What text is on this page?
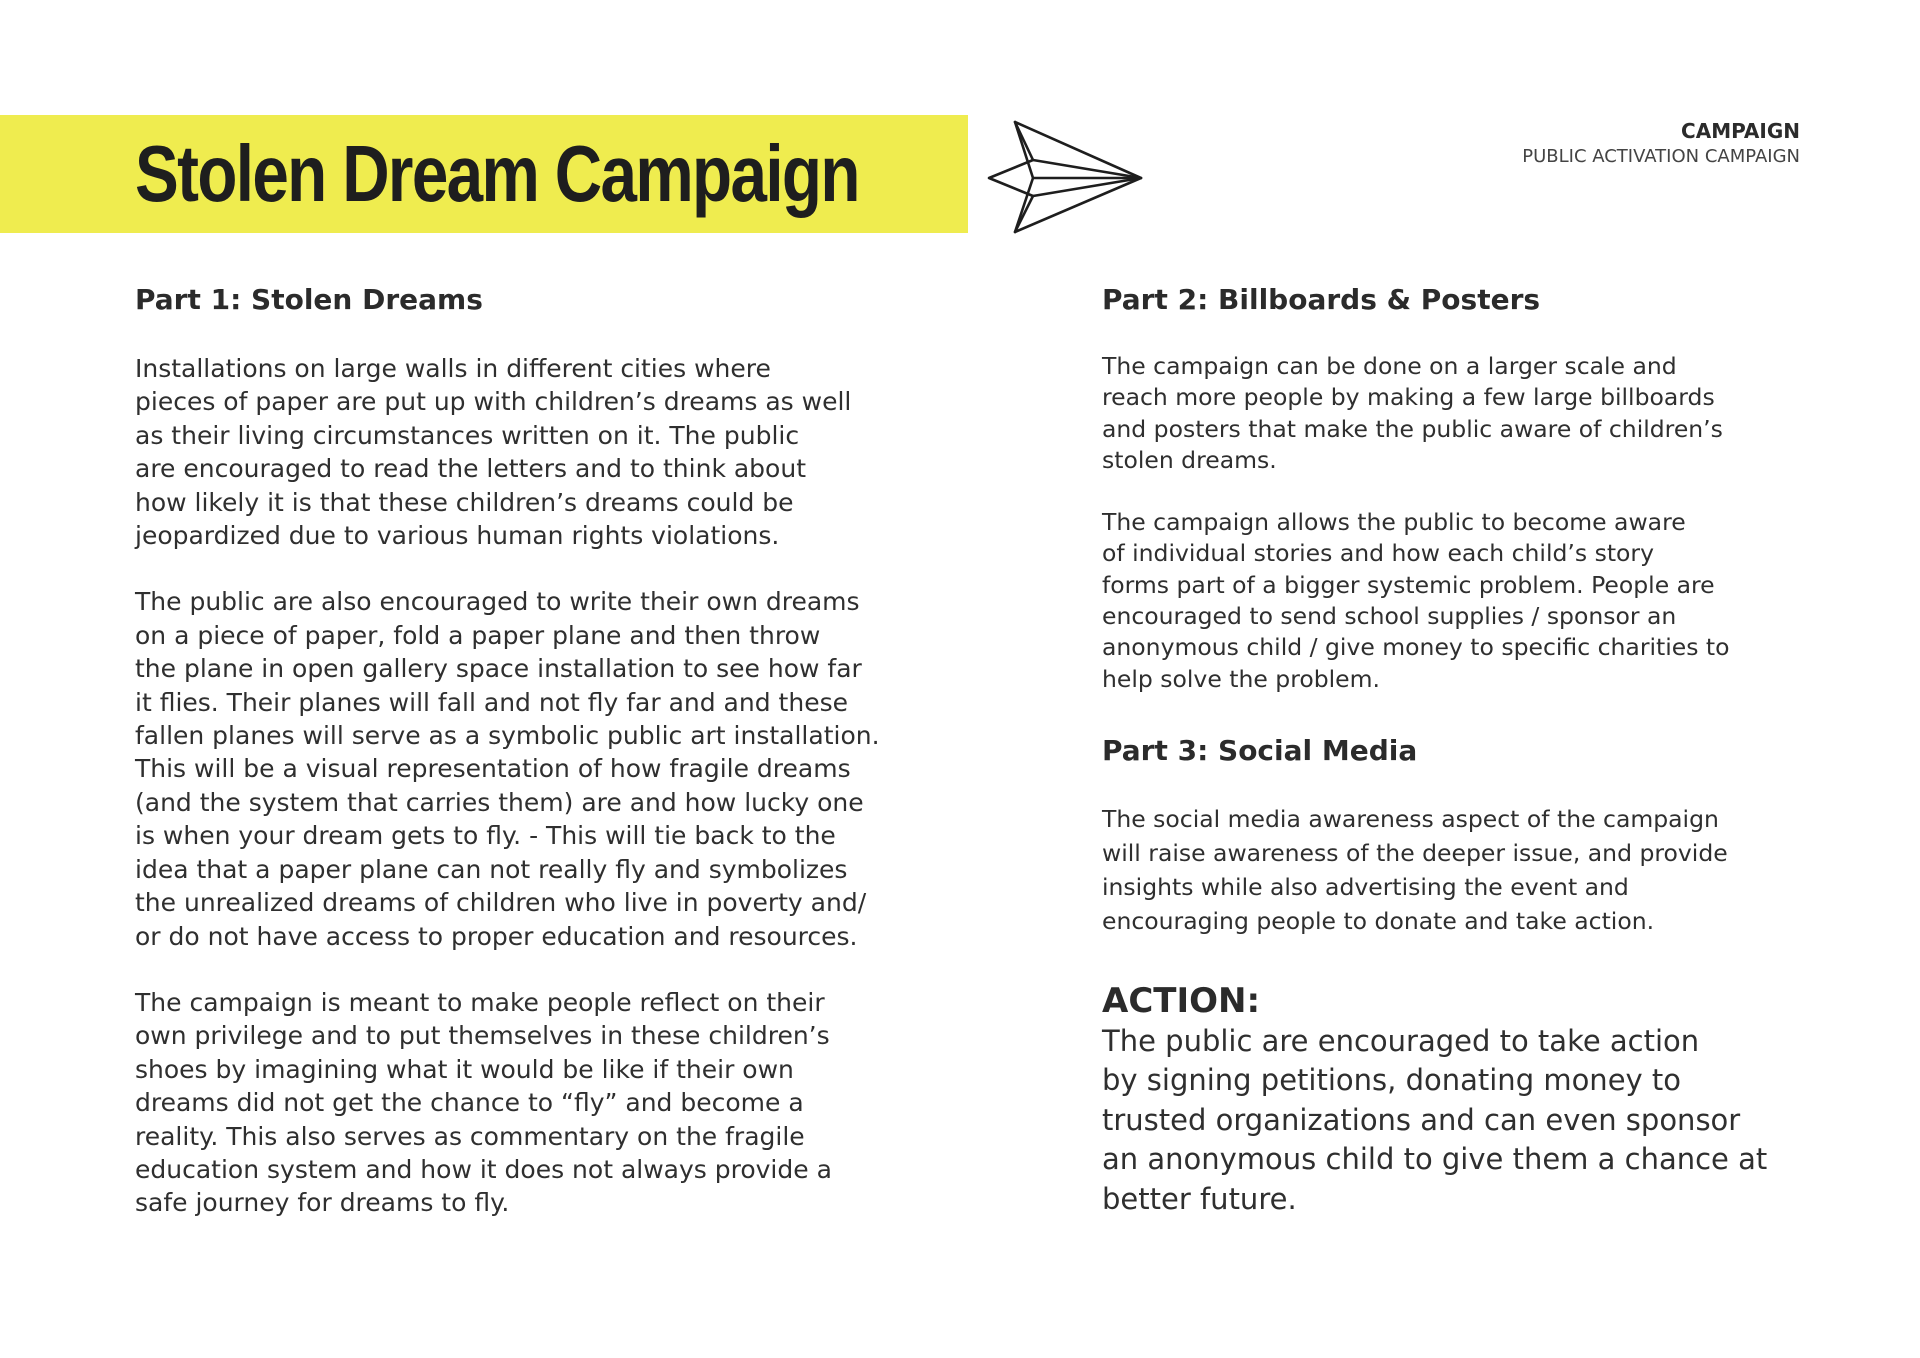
Stolen Dream Campaign	CAMPAIGN
PUBLIC ACTIVATION CAMPAIGN
Part 1: Stolen Dreams

Installations on large walls in different cities where
pieces of paper are put up with children’s dreams as well
as their living circumstances written on it. The public
are encouraged to read the letters and to think about
how likely it is that these children’s dreams could be
jeopardized due to various human rights violations.

The public are also encouraged to write their own dreams
on a piece of paper, fold a paper plane and then throw
the plane in open gallery space installation to see how far
it flies. Their planes will fall and not fly far and and these
fallen planes will serve as a symbolic public art installation.
This will be a visual representation of how fragile dreams
(and the system that carries them) are and how lucky one
is when your dream gets to fly. - This will tie back to the
idea that a paper plane can not really fly and symbolizes
the unrealized dreams of children who live in poverty and/
or do not have access to proper education and resources.

The campaign is meant to make people reflect on their
own privilege and to put themselves in these children’s
shoes by imagining what it would be like if their own
dreams did not get the chance to “fly” and become a
reality. This also serves as commentary on the fragile
education system and how it does not always provide a
safe journey for dreams to fly.

Part 2: Billboards & Posters

The campaign can be done on a larger scale and
reach more people by making a few large billboards
and posters that make the public aware of children’s
stolen dreams.

The campaign allows the public to become aware
of individual stories and how each child’s story
forms part of a bigger systemic problem. People are
encouraged to send school supplies / sponsor an
anonymous child / give money to specific charities to
help solve the problem.

Part 3: Social Media

The social media awareness aspect of the campaign
will raise awareness of the deeper issue, and provide
insights while also advertising the event and
encouraging people to donate and take action.

ACTION:

The public are encouraged to take action
by signing petitions, donating money to
trusted organizations and can even sponsor
an anonymous child to give them a chance at
better future.
